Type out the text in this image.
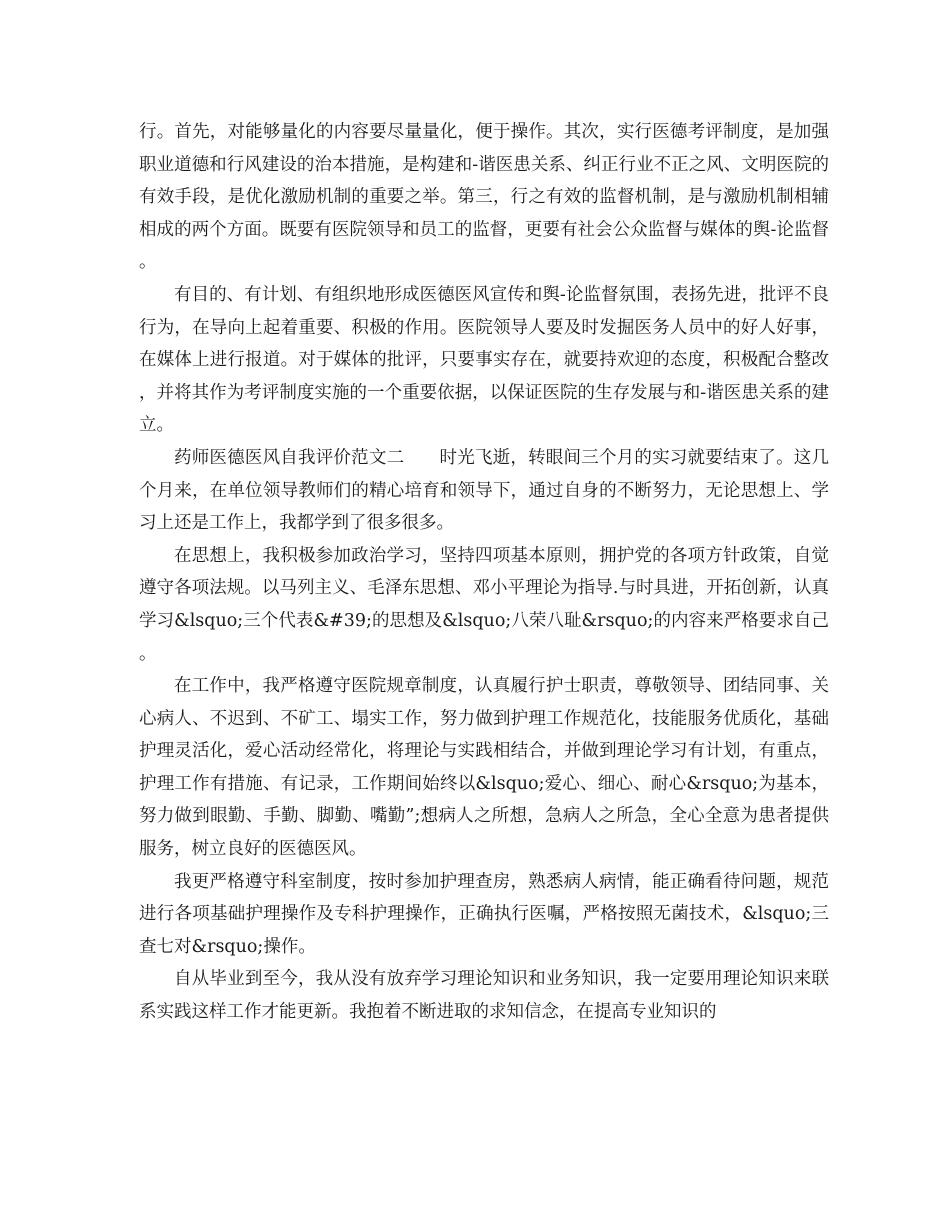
行。首先，对能够量化的内容要尽量量化，便于操作。其次，实行医德考评制度，是加强职业道德和行风建设的治本措施，是构建和-谐医患关系、纠正行业不正之风、文明医院的有效手段，是优化激励机制的重要之举。第三，行之有效的监督机制，是与激励机制相辅相成的两个方面。既要有医院领导和员工的监督，更要有社会公众监督与媒体的舆-论监督。

有目的、有计划、有组织地形成医德医风宣传和舆-论监督氛围，表扬先进，批评不良行为，在导向上起着重要、积极的作用。医院领导人要及时发掘医务人员中的好人好事，在媒体上进行报道。对于媒体的批评，只要事实存在，就要持欢迎的态度，积极配合整改，并将其作为考评制度实施的一个重要依据，以保证医院的生存发展与和-谐医患关系的建立。

药师医德医风自我评价范文二 时光飞逝，转眼间三个月的实习就要结束了。这几个月来，在单位领导教师们的精心培育和领导下，通过自身的不断努力，无论思想上、学习上还是工作上，我都学到了很多很多。

在思想上，我积极参加政治学习，坚持四项基本原则，拥护党的各项方针政策，自觉遵守各项法规。以马列主义、毛泽东思想、邓小平理论为指导.与时具进，开拓创新，认真学习&lsquo;三个代表&#39;的思想及&lsquo;八荣八耻&rsquo;的内容来严格要求自己。

在工作中，我严格遵守医院规章制度，认真履行护士职责，尊敬领导、团结同事、关心病人、不迟到、不矿工、塌实工作，努力做到护理工作规范化，技能服务优质化，基础护理灵活化，爱心活动经常化，将理论与实践相结合，并做到理论学习有计划，有重点，护理工作有措施、有记录，工作期间始终以&lsquo;爱心、细心、耐心&rsquo;为基本，努力做到眼勤、手勤、脚勤、嘴勤”;想病人之所想，急病人之所急，全心全意为患者提供服务，树立良好的医德医风。

我更严格遵守科室制度，按时参加护理查房，熟悉病人病情，能正确看待问题，规范进行各项基础护理操作及专科护理操作，正确执行医嘱，严格按照无菌技术，&lsquo;三查七对&rsquo;操作。

自从毕业到至今，我从没有放弃学习理论知识和业务知识，我一定要用理论知识来联系实践这样工作才能更新。我抱着不断进取的求知信念，在提高专业知识的
